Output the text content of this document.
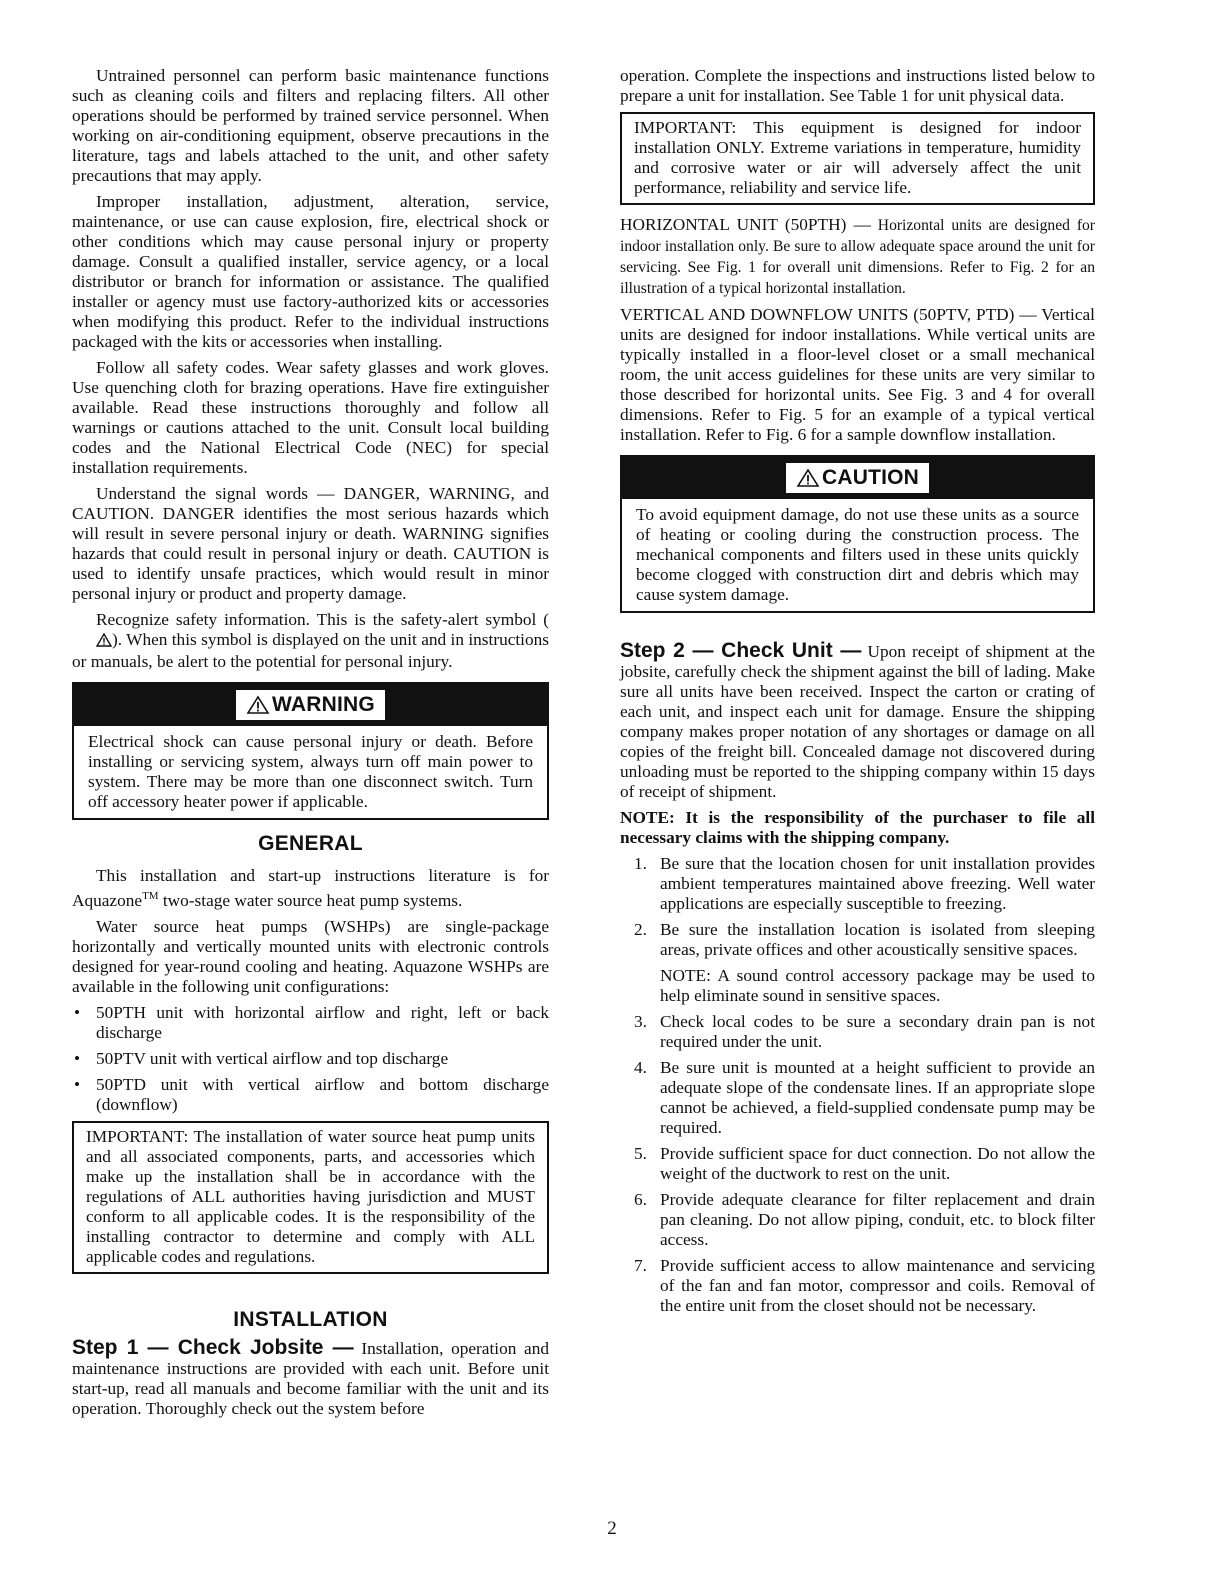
Untrained personnel can perform basic maintenance functions such as cleaning coils and filters and replacing filters. All other operations should be performed by trained service personnel. When working on air-conditioning equipment, observe precautions in the literature, tags and labels attached to the unit, and other safety precautions that may apply.

Improper installation, adjustment, alteration, service, maintenance, or use can cause explosion, fire, electrical shock or other conditions which may cause personal injury or property damage. Consult a qualified installer, service agency, or a local distributor or branch for information or assistance. The qualified installer or agency must use factory-authorized kits or accessories when modifying this product. Refer to the individual instructions packaged with the kits or accessories when installing.

Follow all safety codes. Wear safety glasses and work gloves. Use quenching cloth for brazing operations. Have fire extinguisher available. Read these instructions thoroughly and follow all warnings or cautions attached to the unit. Consult local building codes and the National Electrical Code (NEC) for special installation requirements.

Understand the signal words — DANGER, WARNING, and CAUTION. DANGER identifies the most serious hazards which will result in severe personal injury or death. WARNING signifies hazards that could result in personal injury or death. CAUTION is used to identify unsafe practices, which would result in minor personal injury or product and property damage.

Recognize safety information. This is the safety-alert symbol (). When this symbol is displayed on the unit and in instructions or manuals, be alert to the potential for personal injury.

WARNING

Electrical shock can cause personal injury or death. Before installing or servicing system, always turn off main power to system. There may be more than one disconnect switch. Turn off accessory heater power if applicable.

GENERAL

This installation and start-up instructions literature is for Aquazone™ two-stage water source heat pump systems.

Water source heat pumps (WSHPs) are single-package horizontally and vertically mounted units with electronic controls designed for year-round cooling and heating. Aquazone WSHPs are available in the following unit configurations:

• 50PTH unit with horizontal airflow and right, left or back discharge
• 50PTV unit with vertical airflow and top discharge
• 50PTD unit with vertical airflow and bottom discharge (downflow)

IMPORTANT: The installation of water source heat pump units and all associated components, parts, and accessories which make up the installation shall be in accordance with the regulations of ALL authorities having jurisdiction and MUST conform to all applicable codes. It is the responsibility of the installing contractor to determine and comply with ALL applicable codes and regulations.

INSTALLATION

Step 1 — Check Jobsite — Installation, operation and maintenance instructions are provided with each unit. Before unit start-up, read all manuals and become familiar with the unit and its operation. Thoroughly check out the system before

operation. Complete the inspections and instructions listed below to prepare a unit for installation. See Table 1 for unit physical data.

IMPORTANT: This equipment is designed for indoor installation ONLY. Extreme variations in temperature, humidity and corrosive water or air will adversely affect the unit performance, reliability and service life.

HORIZONTAL UNIT (50PTH) — Horizontal units are designed for indoor installation only. Be sure to allow adequate space around the unit for servicing. See Fig. 1 for overall unit dimensions. Refer to Fig. 2 for an illustration of a typical horizontal installation.

VERTICAL AND DOWNFLOW UNITS (50PTV, PTD) — Vertical units are designed for indoor installations. While vertical units are typically installed in a floor-level closet or a small mechanical room, the unit access guidelines for these units are very similar to those described for horizontal units. See Fig. 3 and 4 for overall dimensions. Refer to Fig. 5 for an example of a typical vertical installation. Refer to Fig. 6 for a sample downflow installation.

CAUTION

To avoid equipment damage, do not use these units as a source of heating or cooling during the construction process. The mechanical components and filters used in these units quickly become clogged with construction dirt and debris which may cause system damage.

Step 2 — Check Unit — Upon receipt of shipment at the jobsite, carefully check the shipment against the bill of lading. Make sure all units have been received. Inspect the carton or crating of each unit, and inspect each unit for damage. Ensure the shipping company makes proper notation of any shortages or damage on all copies of the freight bill. Concealed damage not discovered during unloading must be reported to the shipping company within 15 days of receipt of shipment.

NOTE: It is the responsibility of the purchaser to file all necessary claims with the shipping company.

1. Be sure that the location chosen for unit installation provides ambient temperatures maintained above freezing. Well water applications are especially susceptible to freezing.
2. Be sure the installation location is isolated from sleeping areas, private offices and other acoustically sensitive spaces.
NOTE: A sound control accessory package may be used to help eliminate sound in sensitive spaces.
3. Check local codes to be sure a secondary drain pan is not required under the unit.
4. Be sure unit is mounted at a height sufficient to provide an adequate slope of the condensate lines. If an appropriate slope cannot be achieved, a field-supplied condensate pump may be required.
5. Provide sufficient space for duct connection. Do not allow the weight of the ductwork to rest on the unit.
6. Provide adequate clearance for filter replacement and drain pan cleaning. Do not allow piping, conduit, etc. to block filter access.
7. Provide sufficient access to allow maintenance and servicing of the fan and fan motor, compressor and coils. Removal of the entire unit from the closet should not be necessary.
2
